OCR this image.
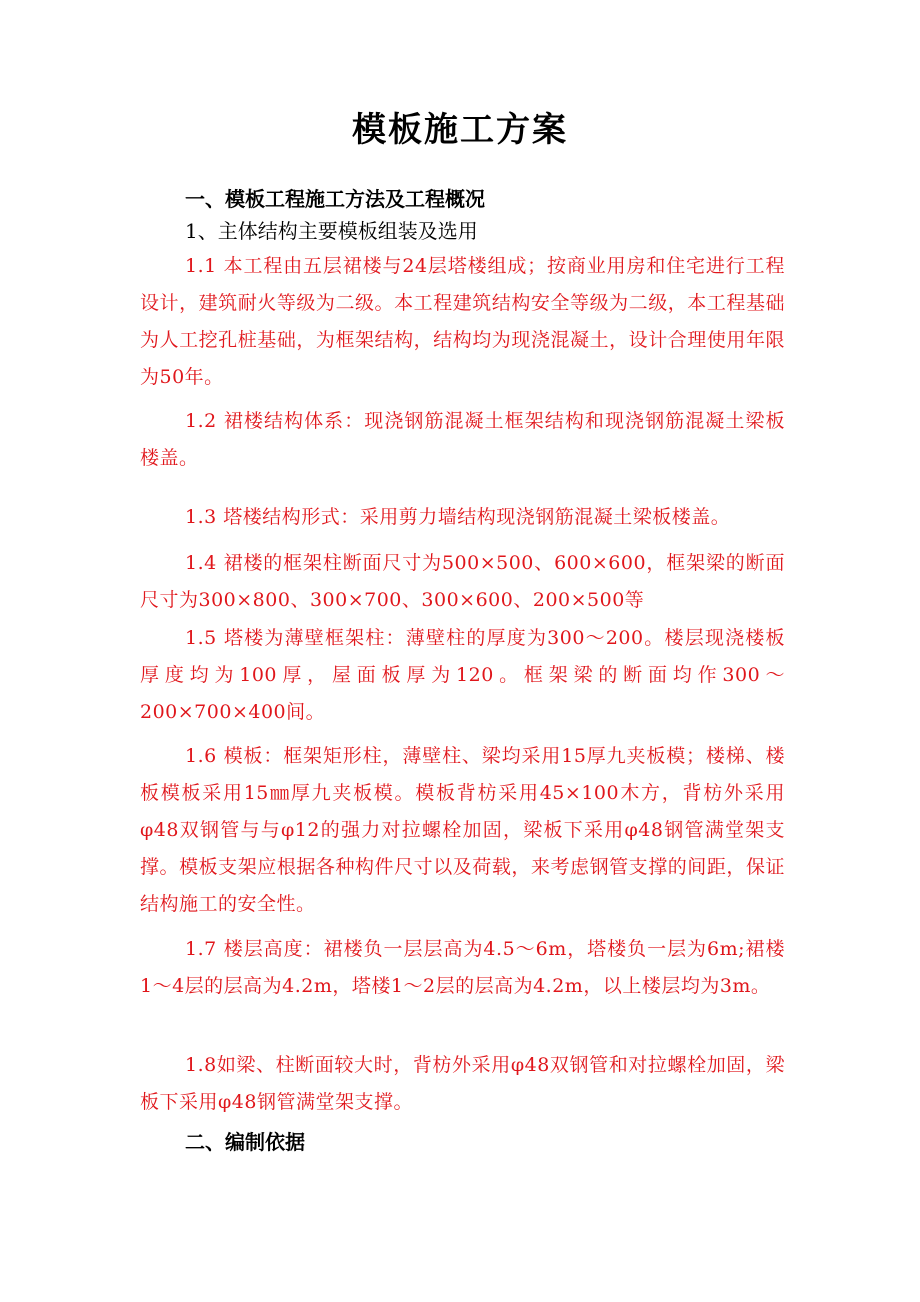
模板施工方案
一、模板工程施工方法及工程概况
1、主体结构主要模板组装及选用

1.1 本工程由五层裙楼与24层塔楼组成；按商业用房和住宅进行工程设计，建筑耐火等级为二级。本工程建筑结构安全等级为二级，本工程基础为人工挖孔桩基础，为框架结构，结构均为现浇混凝土，设计合理使用年限为50年。

1.2 裙楼结构体系：现浇钢筋混凝土框架结构和现浇钢筋混凝土梁板楼盖。

1.3 塔楼结构形式：采用剪力墙结构现浇钢筋混凝土梁板楼盖。

1.4 裙楼的框架柱断面尺寸为500×500、600×600，框架梁的断面尺寸为300×800、300×700、300×600、200×500等

1.5 塔楼为薄壁框架柱：薄壁柱的厚度为300～200。楼层现浇楼板厚度均为100厚，屋面板厚为120。框架梁的断面均作300～200×700×400间。

1.6 模板：框架矩形柱，薄壁柱、梁均采用15厚九夹板模；楼梯、楼板模板采用15㎜厚九夹板模。模板背枋采用45×100木方，背枋外采用φ48双钢管与与φ12的强力对拉螺栓加固，梁板下采用φ48钢管满堂架支撑。模板支架应根据各种构件尺寸以及荷载，来考虑钢管支撑的间距，保证结构施工的安全性。

1.7 楼层高度：裙楼负一层层高为4.5～6m，塔楼负一层为6m;裙楼1～4层的层高为4.2m，塔楼1～2层的层高为4.2m，以上楼层均为3m。

1.8如梁、柱断面较大时，背枋外采用φ48双钢管和对拉螺栓加固，梁板下采用φ48钢管满堂架支撑。

二、编制依据
